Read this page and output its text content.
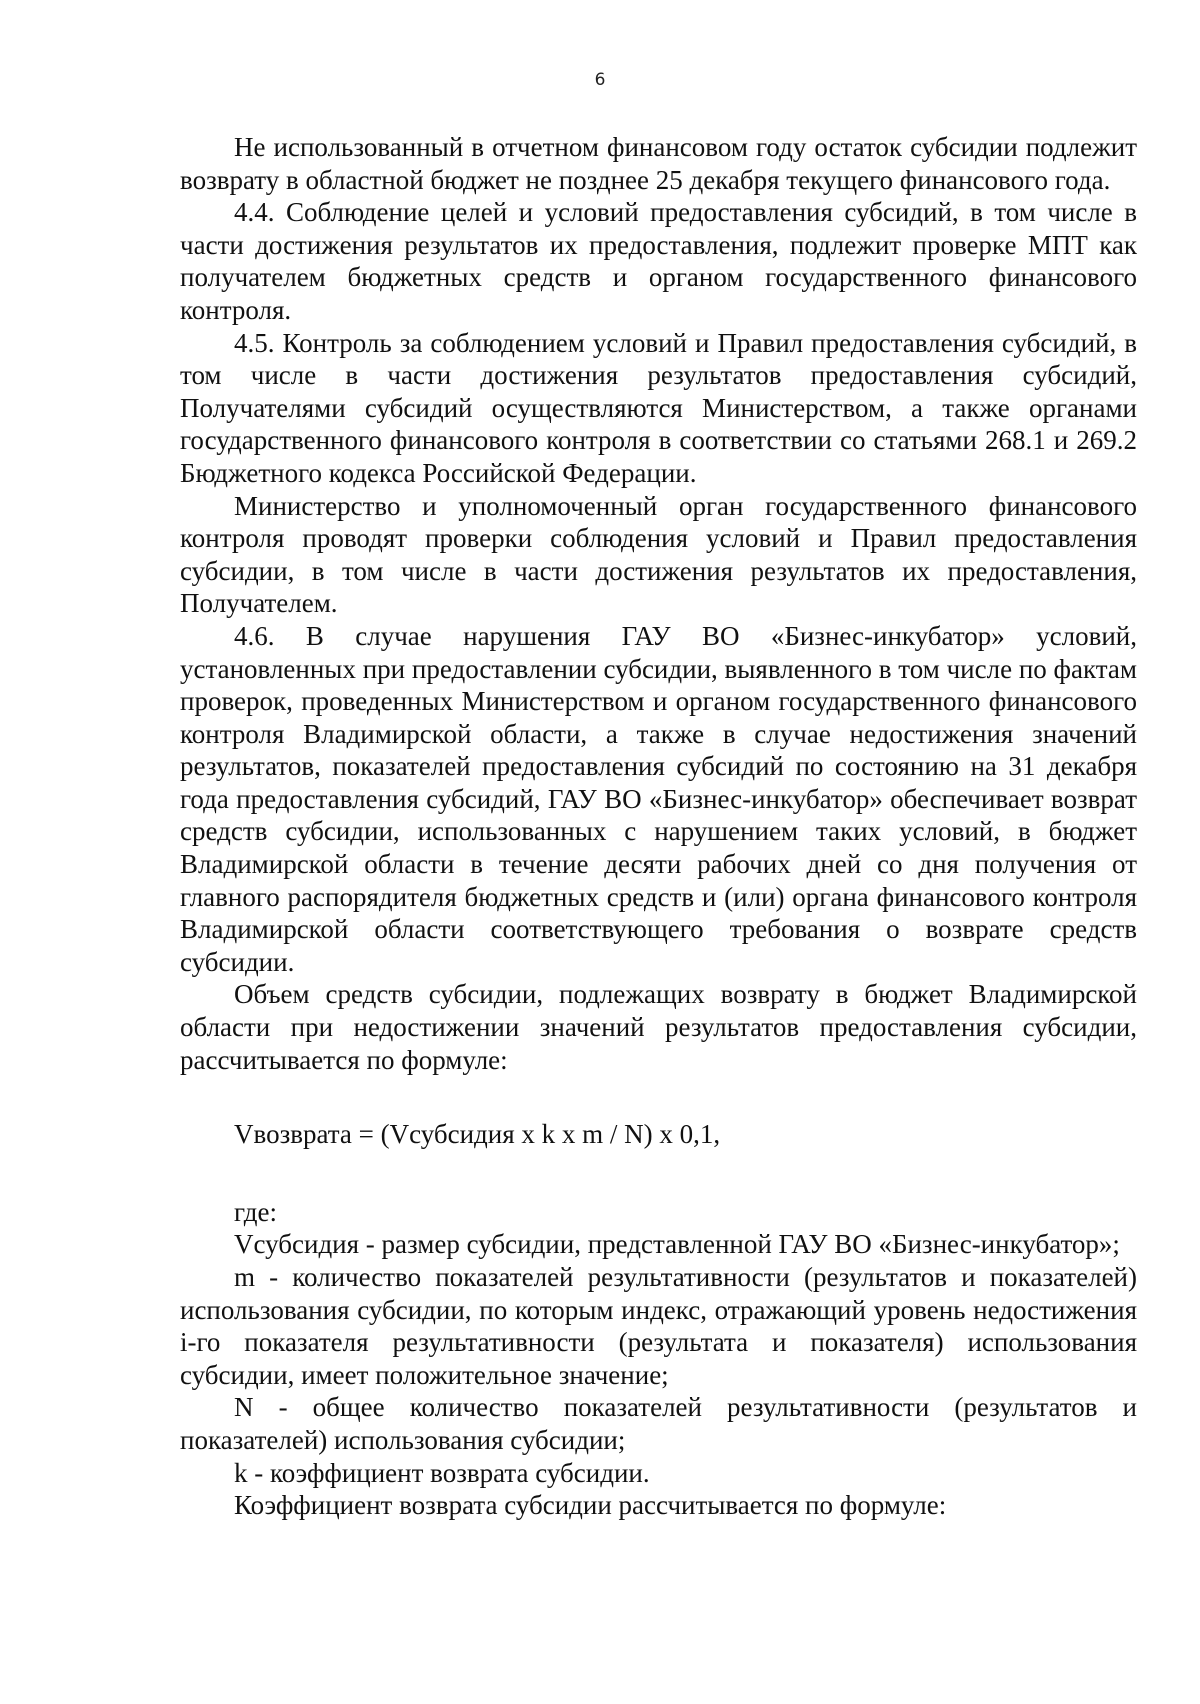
6

Не использованный в отчетном финансовом году остаток субсидии подлежит возврату в областной бюджет не позднее 25 декабря текущего финансового года.

4.4. Соблюдение целей и условий предоставления субсидий, в том числе в части достижения результатов их предоставления, подлежит проверке МПТ как получателем бюджетных средств и органом государственного финансового контроля.

4.5. Контроль за соблюдением условий и Правил предоставления субсидий, в том числе в части достижения результатов предоставления субсидий, Получателями субсидий осуществляются Министерством, а также органами государственного финансового контроля в соответствии со статьями 268.1 и 269.2 Бюджетного кодекса Российской Федерации.

Министерство и уполномоченный орган государственного финансового контроля проводят проверки соблюдения условий и Правил предоставления субсидии, в том числе в части достижения результатов их предоставления, Получателем.

4.6. В случае нарушения ГАУ ВО «Бизнес-инкубатор» условий, установленных при предоставлении субсидии, выявленного в том числе по фактам проверок, проведенных Министерством и органом государственного финансового контроля Владимирской области, а также в случае недостижения значений результатов, показателей предоставления субсидий по состоянию на 31 декабря года предоставления субсидий, ГАУ ВО «Бизнес-инкубатор» обеспечивает возврат средств субсидии, использованных с нарушением таких условий, в бюджет Владимирской области в течение десяти рабочих дней со дня получения от главного распорядителя бюджетных средств и (или) органа финансового контроля Владимирской области соответствующего требования о возврате средств субсидии.

Объем средств субсидии, подлежащих возврату в бюджет Владимирской области при недостижении значений результатов предоставления субсидии, рассчитывается по формуле:

Vвозврата = (Vсубсидия x k x m / N) x 0,1,

где:

Vсубсидия - размер субсидии, представленной ГАУ ВО «Бизнес-инкубатор»;

m - количество показателей результативности (результатов и показателей) использования субсидии, по которым индекс, отражающий уровень недостижения i-го показателя результативности (результата и показателя) использования субсидии, имеет положительное значение;

N - общее количество показателей результативности (результатов и показателей) использования субсидии;

k - коэффициент возврата субсидии.

Коэффициент возврата субсидии рассчитывается по формуле:
